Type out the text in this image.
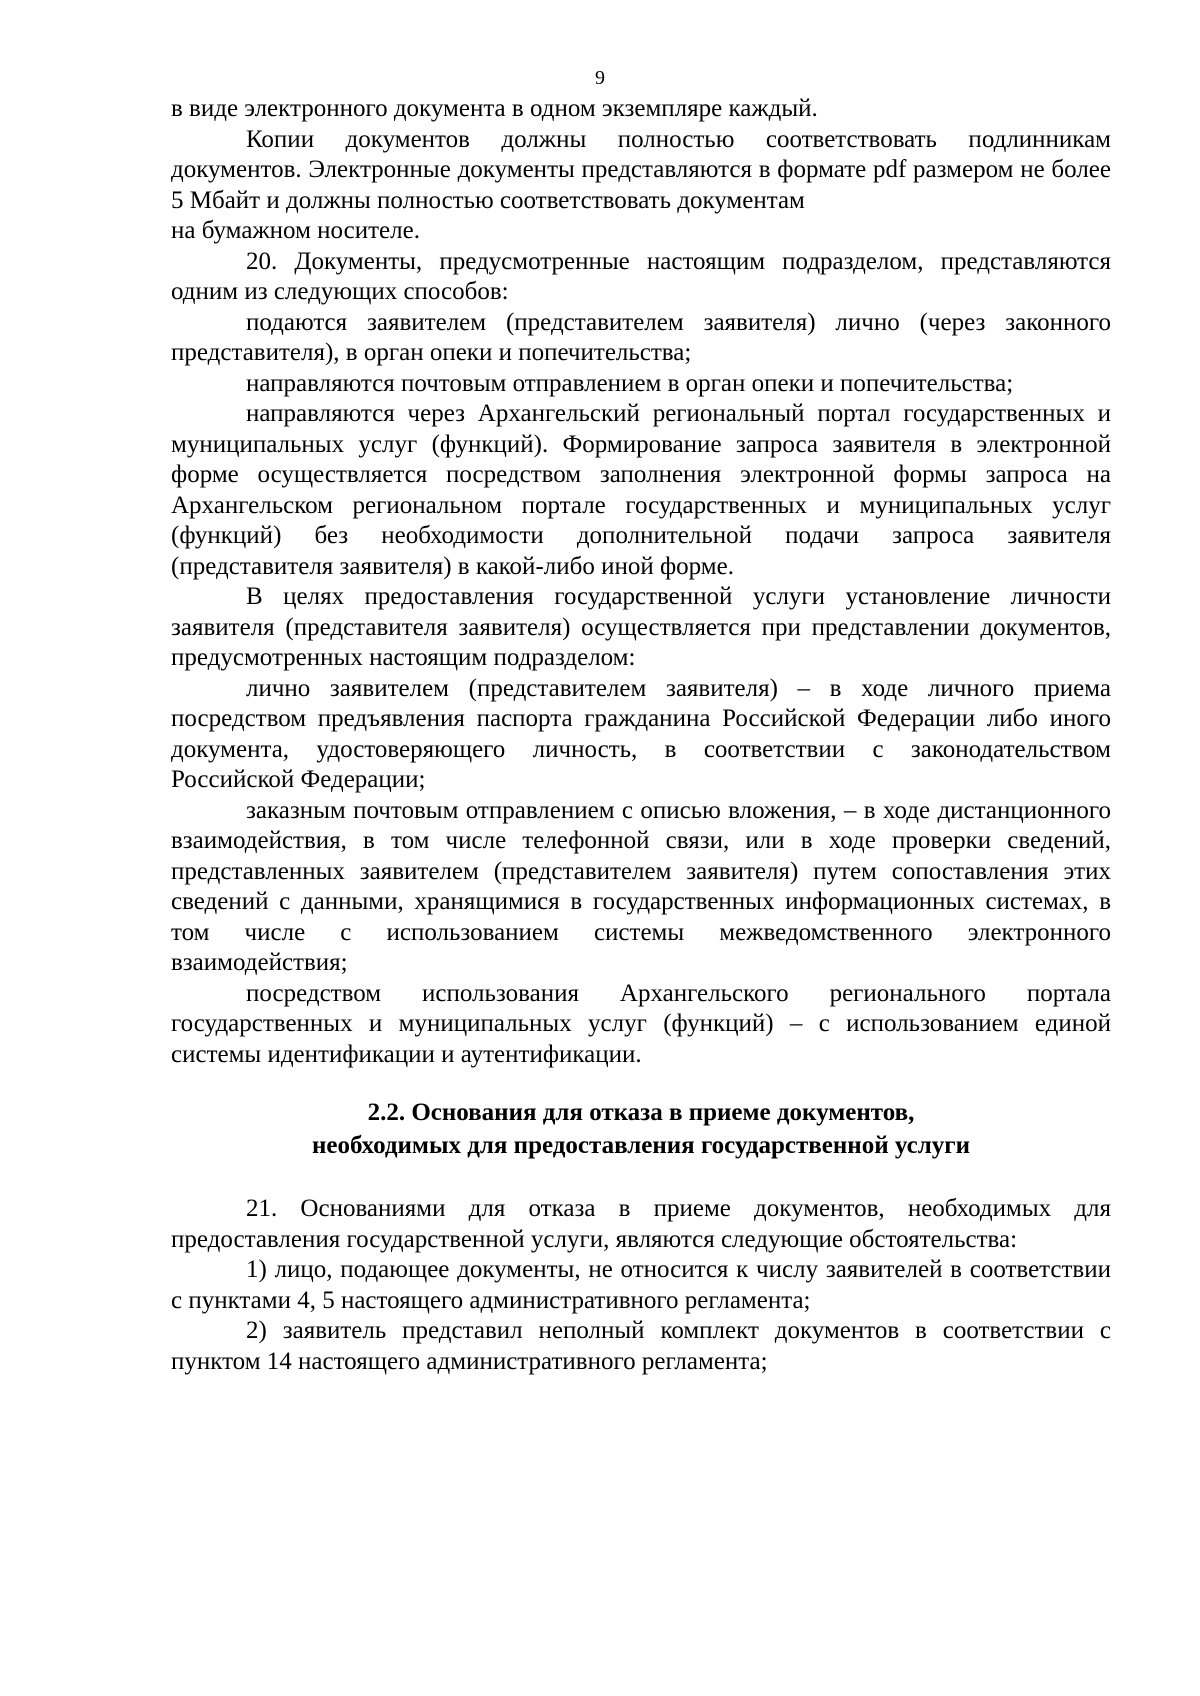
9

в виде электронного документа в одном экземпляре каждый.

Копии документов должны полностью соответствовать подлинникам документов. Электронные документы представляются в формате pdf размером не более 5 Мбайт и должны полностью соответствовать документам

на бумажном носителе.

20. Документы, предусмотренные настоящим подразделом, представляются одним из следующих способов:

подаются заявителем (представителем заявителя) лично (через законного представителя), в орган опеки и попечительства;

направляются почтовым отправлением в орган опеки и попечительства;

направляются через Архангельский региональный портал государственных и муниципальных услуг (функций). Формирование запроса заявителя в электронной форме осуществляется посредством заполнения электронной формы запроса на Архангельском региональном портале государственных и муниципальных услуг (функций) без необходимости дополнительной подачи запроса заявителя (представителя заявителя) в какой-либо иной форме.

В целях предоставления государственной услуги установление личности заявителя (представителя заявителя) осуществляется при представлении документов, предусмотренных настоящим подразделом:

лично заявителем (представителем заявителя) – в ходе личного приема посредством предъявления паспорта гражданина Российской Федерации либо иного документа, удостоверяющего личность, в соответствии с законодательством Российской Федерации;

заказным почтовым отправлением с описью вложения, – в ходе дистанционного взаимодействия, в том числе телефонной связи, или в ходе проверки сведений, представленных заявителем (представителем заявителя) путем сопоставления этих сведений с данными, хранящимися в государственных информационных системах, в том числе с использованием системы межведомственного электронного взаимодействия;

посредством использования Архангельского регионального портала государственных и муниципальных услуг (функций) – с использованием единой системы идентификации и аутентификации.

2.2. Основания для отказа в приеме документов,
необходимых для предоставления государственной услуги

21. Основаниями для отказа в приеме документов, необходимых для предоставления государственной услуги, являются следующие обстоятельства:

1) лицо, подающее документы, не относится к числу заявителей в соответствии с пунктами 4, 5 настоящего административного регламента;

2) заявитель представил неполный комплект документов в соответствии с пунктом 14 настоящего административного регламента;
